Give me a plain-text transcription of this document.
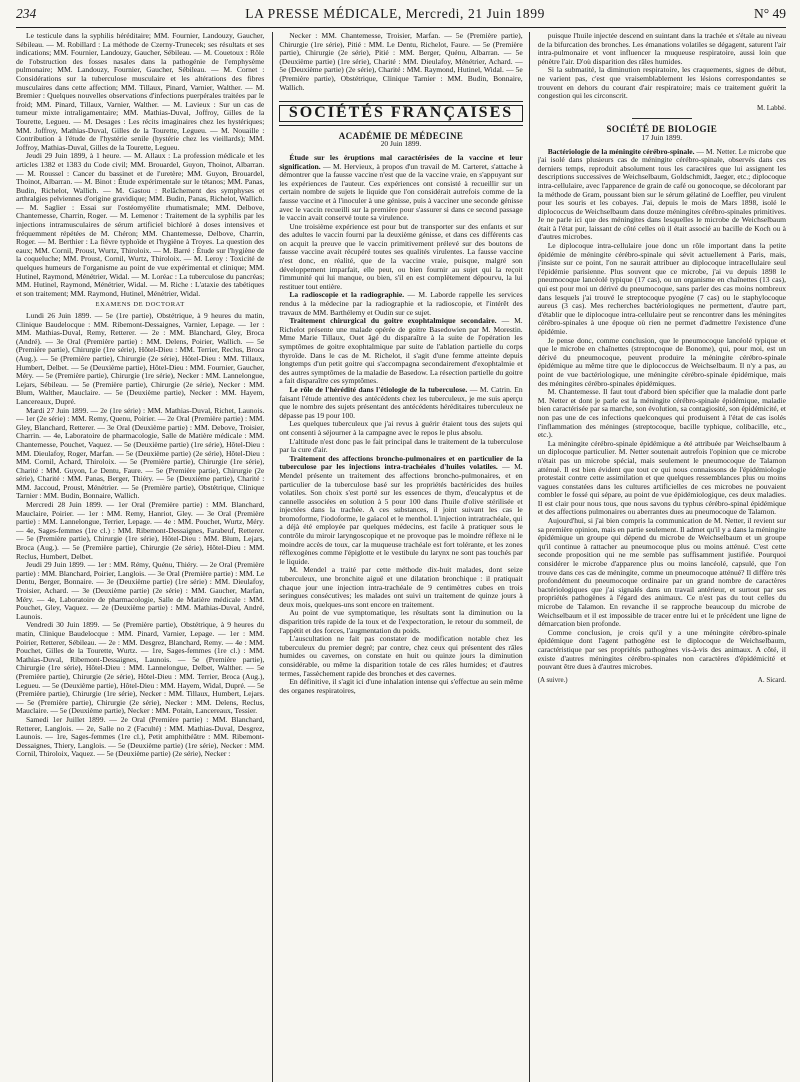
234	LA PRESSE MÉDICALE, Mercredi, 21 Juin 1899	N° 49

Le testicule dans la syphilis héréditaire; MM. Fournier, Landouzy, Gaucher, Sébileau. — M. Robillard : La méthode de Czerny-Trunecek; ses résultats et ses indications; MM. Fournier, Landouzy, Gaucher, Sébileau. — M. Couetoux : Rôle de l'obstruction des fosses nasales dans la pathogénie de l'emphysème pulmonaire; MM. Landouzy, Fournier, Gaucher, Sébileau. — M. Cornet : Considérations sur la tuberculose musculaire et les altérations des fibres musculaires dans cette affection; MM. Tillaux, Pinard, Varnier, Walther. — M. Bremier : Quelques nouvelles observations d'infections puerpérales traitées par le froid; MM. Pinard, Tillaux, Varnier, Walther. — M. Lavieux : Sur un cas de tumeur mixte intraligamentaire; MM. Mathias-Duval, Joffroy, Gilles de la Tourette, Legueu. — M. Desages : Les récits imaginaires chez les hystériques; MM. Joffroy, Mathias-Duval, Gilles de la Tourette, Legueu. — M. Nouaille : Contribution à l'étude de l'hystérie senile (hystérie chez les vieillards); MM. Joffroy, Mathias-Duval, Gilles de la Tourette, Legueu.

Jeudi 29 Juin 1899, à 1 heure. — M. Allaux : La profession médicale et les articles 1382 et 1383 du Code civil; MM. Brouardel, Guyon, Thoinot, Albarran. — M. Roussel : Cancer du bassinet et de l'uretère; MM. Guyon, Brouardel, Thoinot, Albarran. — M. Binot : Étude expérimentale sur le tétanos; MM. Panas, Budin, Richelot, Wallich. — M. Gastou : Relâchement des symphyses et arthralgies pelviennes d'origine gravidique; MM. Budin, Panas, Richelot, Wallich. — M. Saglier : Essai sur l'ostéomyélite rhumatismale; MM. Delbove, Chantemesse, Charrin, Roger. — M. Lemenor : Traitement de la syphilis par les injections intramusculaires de sérum artificiel bichloré à doses intensives et fréquemment répétées de M. Chéron; MM. Chantemesse, Delbove, Charrin, Roger. — M. Berthier : La fièvre typhoïde et l'hygiène à Troyes. La question des eaux; MM. Cornil, Proust, Wurtz, Thiroloix. — M. Barré : Étude sur l'hygiène de la coqueluche; MM. Proust, Cornil, Wurtz, Thiroloix. — M. Leroy : Toxicité de quelques humeurs de l'organisme au point de vue expérimental et clinique; MM. Hutinel, Raymond, Ménétrier, Widal. — M. Loréac : La tuberculose du pancréas; MM. Hutinel, Raymond, Ménétrier, Widal. — M. Riche : L'ataxie des tabétiques et son traitement; MM. Raymond, Hutinel, Ménétrier, Widal.

EXAMENS DE DOCTORAT

Lundi 26 Juin 1899. — 5e (1re partie), Obstétrique, à 9 heures du matin, Clinique Baudelocque : MM. Ribemont-Dessaignes, Varnier, Lepage. — 1er : MM. Mathias-Duval, Remy, Retterer. — 2e : MM. Blanchard, Gley, Broca (André). — 3e Oral (Première partie) : MM. Delens, Poirier, Wallich. — 5e (Première partie), Chirurgie (1re série), Hôtel-Dieu : MM. Terrier, Reclus, Broca (Aug.). — 5e (Première partie), Chirurgie (2e série), Hôtel-Dieu : MM. Tillaux, Humbert, Delbet. — 5e (Deuxième partie), Hôtel-Dieu : MM. Fournier, Gaucher, Méry. — 5e (Première partie), Chirurgie (1re série), Necker : MM. Lannelongue, Lejars, Sébileau. — 5e (Première partie), Chirurgie (2e série), Necker : MM. Blum, Walther, Mauclaire. — 5e (Deuxième partie), Necker : MM. Hayem, Lancereaux, Dupré.

Mardi 27 Juin 1899. — 2e (1re série) : MM. Mathias-Duval, Richet, Launois. — 1er (2e série) : MM. Remy, Quenu, Poirier. — 2e Oral (Première partie) : MM. Gley, Blanchard, Retterer. — 3e Oral (Deuxième partie) : MM. Debove, Troisier, Charrin. — 4e, Laboratoire de pharmacologie, Salle de Matière médicale : MM. Chantemesse, Pouchet, Vaquez. — 5e (Deuxième partie) (1re série), Hôtel-Dieu : MM. Dieulafoy, Roger, Marfan. — 5e (Deuxième partie) (2e série), Hôtel-Dieu : MM. Cornil, Achard, Thiroloix. — 5e (Première partie), Chirurgie (1re série), Charité : MM. Guyon, Le Dentu, Faure. — 5e (Première partie), Chirurgie (2e série), Charité : MM. Panas, Berger, Thiéry. — 5e (Deuxième partie), Charité : MM. Jaccoud, Proust, Ménétrier. — 5e (Première partie), Obstétrique, Clinique Tarnier : MM. Budin, Bonnaire, Wallich.

Mercredi 28 Juin 1899. — 1er Oral (Première partie) : MM. Blanchard, Mauclaire, Poirier. — 1er : MM. Remy, Hanriot, Gley. — 3e Oral (Première partie) : MM. Lannelongue, Terrier, Lepage. — 4e : MM. Pouchet, Wurtz, Méry. — 4e, Sages-femmes (1re cl.) : MM. Ribemont-Dessaignes, Farabeuf, Retterer. — 5e (Première partie), Chirurgie (1re série), Hôtel-Dieu : MM. Blum, Lejars, Broca (Aug.). — 5e (Première partie), Chirurgie (2e série), Hôtel-Dieu : MM. Reclus, Humbert, Delbet.

Jeudi 29 Juin 1899. — 1er : MM. Rémy, Quénu, Thiéry. — 2e Oral (Première partie) : MM. Blanchard, Poirier, Langlois. — 3e Oral (Première partie) : MM. Le Dentu, Berger, Bonnaire. — 3e (Deuxième partie) (1re série) : MM. Dieulafoy, Troisier, Achard. — 3e (Deuxième partie) (2e série) : MM. Gaucher, Marfan, Méry. — 4e, Laboratoire de pharmacologie, Salle de Matière médicale : MM. Pouchet, Gley, Vaquez. — 2e (Deuxième partie) : MM. Mathias-Duval, André, Launois.

Vendredi 30 Juin 1899. — 5e (Première partie), Obstétrique, à 9 heures du matin, Clinique Baudelocque : MM. Pinard, Varnier, Lepage. — 1er : MM. Poirier, Retterer, Sébileau. — 2e : MM. Desgrez, Blanchard, Remy. — 4e : MM. Pouchet, Gilles de la Tourette, Wurtz. — 1re, Sages-femmes (1re cl.) : MM. Mathias-Duval, Ribemont-Dessaignes, Launois. — 5e (Première partie), Chirurgie (1re série), Hôtel-Dieu : MM. Lannelongue, Delbet, Walther. — 5e (Première partie), Chirurgie (2e série), Hôtel-Dieu : MM. Terrier, Broca (Aug.), Legueu. — 5e (Deuxième partie), Hôtel-Dieu : MM. Hayem, Widal, Dupré. — 5e (Première partie), Chirurgie (1re série), Necker : MM. Tillaux, Humbert, Lejars. — 5e (Première partie), Chirurgie (2e série), Necker : MM. Delens, Reclus, Mauclaire. — 5e (Deuxième partie), Necker : MM. Potain, Lancereaux, Tessier.

Samedi 1er Juillet 1899. — 2e Oral (Première partie) : MM. Blanchard, Retterer, Langlois. — 2e, Salle no 2 (Faculté) : MM. Mathias-Duval, Desgrez, Launois. — 1re, Sages-femmes (1re cl.), Petit amphithéâtre : MM. Ribemont-Dessaignes, Thiery, Langlois. — 5e (Deuxième partie) (1re série), Necker : MM. Cornil, Thiroloix, Vaquez. — 5e (Deuxième partie) (2e série), Necker :

Necker : MM. Chantemesse, Troisier, Marfan. — 5e (Première partie), Chirurgie (1re série), Pitié : MM. Le Dentu, Richelot, Faure. — 5e (Première partie), Chirurgie (2e série), Pitié : MM. Berger, Quénu, Albarran. — 5e (Deuxième partie) (1re série), Charité : MM. Dieulafoy, Ménétrier, Achard. — 5e (Deuxième partie) (2e série), Charité : MM. Raymond, Hutinel, Widal. — 5e (Première partie), Obstétrique, Clinique Tarnier : MM. Budin, Bonnaire, Wallich.

SOCIÉTÉS FRANÇAISES
ACADÉMIE DE MÉDECINE
20 Juin 1899.

Étude sur les éruptions mal caractérisées de la vaccine et leur signification. — M. Hervieux, à propos d'un travail de M. Carteret, s'attache à démontrer que la fausse vaccine n'est que de la vaccine vraie, en s'appuyant sur les expériences de l'auteur. Ces expériences ont consisté à recueillir sur un certain nombre de sujets le liquide que l'on considérait autrefois comme de la fausse vaccine et à l'inoculer à une génisse, puis à vacciner une seconde génisse avec le vaccin recueilli sur la première pour s'assurer si dans ce second passage le vaccin avait conservé toute sa virulence.

Une troisième expérience est pour but de transporter sur des enfants et sur des adultes le vaccin fourni par la deuxième génisse, et dans ces différents cas on acquit la preuve que le vaccin primitivement prélevé sur des boutons de fausse vaccine avait récupéré toutes ses qualités virulentes. La fausse vaccine n'est donc, en réalité, que de la vaccine vraie, puisque, malgré son développement imparfait, elle peut, ou bien fournir au sujet qui la reçoit l'immunité qui lui manque, ou bien, s'il en est complètement dépourvu, la lui restituer tout entière.

La radioscopie et la radiographie. — M. Laborde rappelle les services rendus à la médecine par la radiographie et la radioscopie, et l'intérêt des travaux de MM. Barthélemy et Oudin sur ce sujet.

Traitement chirurgical du goitre exophtalmique secondaire. — M. Richelot présente une malade opérée de goitre Basedowien par M. Morestin. Mme Marie Tillaux, Ouet âgé du disparaître à la suite de l'opération les symptômes de goitre exophtalmique par suite de l'ablation partielle du corps thyroïde. Dans le cas de M. Richelot, il s'agit d'une femme atteinte depuis longtemps d'un petit goitre qui s'accompagna secondairement d'exophtalmie et des autres symptômes de la maladie de Basedow. La résection partielle du goitre a fait disparaître ces symptômes.

Le rôle de l'hérédité dans l'étiologie de la tuberculose. — M. Catrin. En faisant l'étude attentive des antécédents chez les tuberculeux, je me suis aperçu que le nombre des sujets présentant des antécédents héréditaires tuberculeux ne dépasse pas 19 pour 100.

Les quelques tuberculeux que j'ai revus à guérir étaient tous des sujets qui ont consenti à séjourner à la campagne avec le repos le plus absolu.

L'altitude n'est donc pas le fait principal dans le traitement de la tuberculose par la cure d'air.

Traitement des affections broncho-pulmonaires et en particulier de la tuberculose par les injections intra-trachéales d'huiles volatiles. — M. Mendel présente un traitement des affections broncho-pulmonaires, et en particulier de la tuberculose basé sur les propriétés bactéricides des huiles volatiles. Son choix s'est porté sur les essences de thym, d'eucalyptus et de cannelle associées en solution à 5 pour 100 dans l'huile d'olive stérilisée et injectées dans la trachée. A ces substances, il joint suivant les cas le bromoforme, l'iodoforme, le gaïacol et le menthol. L'injection intratrachéale, qui a déjà été employée par quelques médecins, est facile à pratiquer sous le contrôle du miroir laryngoscopique et ne provoque pas le moindre réflexe ni le moindre accès de toux, car la muqueuse trachéale est fort tolérante, et les zones réflexogènes comme l'épiglotte et le vestibule du larynx ne sont pas touchés par le liquide.

M. Mendel a traité par cette méthode dix-huit malades, dont seize tuberculeux, une bronchite aiguë et une dilatation bronchique : il pratiquait chaque jour une injection intra-trachéale de 9 centimètres cubes en trois seringues consécutives; les malades ont suivi un traitement de quinze jours à deux mois, quelques-uns sont encore en traitement.

Au point de vue symptomatique, les résultats sont la diminution ou la disparition très rapide de la toux et de l'expectoration, le retour du sommeil, de l'appétit et des forces, l'augmentation du poids.

L'auscultation ne fait pas constater de modification notable chez les tuberculeux du premier degré; par contre, chez ceux qui présentent des râles humides ou cavernes, on constate en huit ou quinze jours la diminution considérable, ou même la disparition totale de ces râles humides; et d'autres termes, l'assèchement rapide des bronches et des cavernes.

En définitive, il s'agit ici d'une inhalation intense qui s'effectue au sein même des organes respiratoires,

puisque l'huile injectée descend en suintant dans la trachée et s'étale au niveau de la bifurcation des bronches. Les émanations volatiles se dégagent, saturent l'air intra-pulmonaire et vont influencer la muqueuse respiratoire, aussi loin que pénètre l'air. D'où disparition des râles humides.

Si la submatité, la diminution respiratoire, les craquements, signes de début, ne varient pas, c'est que vraisemblablement les lésions correspondantes se trouvent en dehors du courant d'air respiratoire; mais ce traitement guérit la congestion qui les circonscrit.

M. Labbé.
SOCIÉTÉ DE BIOLOGIE
17 Juin 1899.

Bactériologie de la méningite cérébro-spinale. — M. Netter. Le microbe que j'ai isolé dans plusieurs cas de méningite cérébro-spinale, observés dans ces derniers temps, reproduit absolument tous les caractères que lui assignent les descriptions successives de Weichselbaum, Goldschmidt, Jaeger, etc.; diplocoque intra-cellulaire, avec l'apparence de grain de café ou gonocoque, se décolorant par la méthode de Gram, poussant bien sur le sérum gélatiné de Loeffler, peu virulent pour les souris et les cobayes. J'ai, depuis le mois de Mars 1898, isolé le diplococcus de Weichselbaum dans douze méningites cérébro-spinales primitives. Je ne parle ici que des méningites dans lesquelles le microbe de Weichselbaum était à l'état pur, laissant de côté celles où il était associé au bacille de Koch ou à d'autres microbes.

Le diplocoque intra-cellulaire joue donc un rôle important dans la petite épidémie de méningite cérébro-spinale qui sévit actuellement à Paris, mais, j'insiste sur ce point, l'on ne saurait attribuer au diplocoque intracellulaire seul l'épidémie parisienne. Plus souvent que ce microbe, j'ai vu depuis 1898 le pneumocoque lancéolé typique (17 cas), ou un organisme en chaînettes (13 cas), qui est pour moi un dérivé du pneumocoque, sans parler des cas moins nombreux dans lesquels j'ai trouvé le streptocoque pyogène (7 cas) ou le staphylocoque aureus (3 cas). Mes recherches bactériologiques ne permettent, d'autre part, d'établir que le diplocoque intra-cellulaire peut se rencontrer dans les méningites cérébro-spinales à une époque où rien ne permet d'admettre l'existence d'une épidémie.

Je pense donc, comme conclusion, que le pneumocoque lancéolé typique et que le microbe en chaînettes (streptocoque de Bonome), qui, pour moi, est un dérivé du pneumocoque, peuvent produire la méningite cérébro-spinale épidémique au même titre que le diplococcus de Weichselbaum. Il n'y a pas, au point de vue bactériologique, une méningite cérébro-spinale épidémique, mais des méningites cérébro-spinales épidémiques.

M. Chantemesse. Il faut tout d'abord bien spécifier que la maladie dont parle M. Netter et dont je parle est la méningite cérébro-spinale épidémique, maladie bien caractérisée par sa marche, son évolution, sa contagiosité, son épidémicité, et non pas une de ces infections quelconques qui produisent à l'état de cas isolés l'inflammation des méninges (streptocoque, bacille typhique, colibacille, etc., etc.).

La méningite cérébro-spinale épidémique a été attribuée par Weichselbaum à un diplocoque particulier. M. Netter soutenait autrefois l'opinion que ce microbe n'était pas un microbe spécial, mais seulement le pneumocoque de Talamon atténué. Il est bien évident que tout ce qui nous connaissons de l'épidémiologie protestait contre cette assimilation et que quelques ressemblances plus ou moins vagues constatées dans les cultures artificielles de ces microbes ne pouvaient combler le fossé qui sépare, au point de vue épidémiologique, ces deux maladies. Il est clair pour nous tous, que nous savons du typhus cérébro-spinal épidémique et des affections pulmonaires ou aberrantes dues au pneumocoque de Talamon.

Aujourd'hui, si j'ai bien compris la communication de M. Netter, il revient sur sa première opinion, mais en partie seulement. Il admet qu'il y a dans la méningite épidémique un groupe qui dépend du microbe de Weichselbaum et un groupe qu'il continue à rattacher au pneumocoque plus ou moins atténué. C'est cette seconde proposition qui ne me semble pas suffisamment justifiée. Pourquoi considérer le microbe d'apparence plus ou moins lancéolé, capsulé, que l'on trouve dans ces cas de méningite, comme un pneumocoque atténué? Il diffère très profondément du pneumocoque ordinaire par un grand nombre de caractères bactériologiques que j'ai signalés dans un travail antérieur, et surtout par ses propriétés pathogènes à l'égard des animaux. Ce n'est pas du tout celles du microbe de Talamon. En revanche il se rapproche beaucoup du microbe de Weichselbaum et il est impossible de tracer entre lui et le précédent une ligne de démarcation bien profonde.

Comme conclusion, je crois qu'il y a une méningite cérébro-spinale épidémique dont l'agent pathogène est le diplocoque de Weichselbaum, caractéristique par ses propriétés pathogènes vis-à-vis des animaux. A côté, il existe d'autres méningites cérébro-spinales non caractères d'épidémicité et pouvant être dues à d'autres microbes.

(A suivre.)	A. Sicard.
